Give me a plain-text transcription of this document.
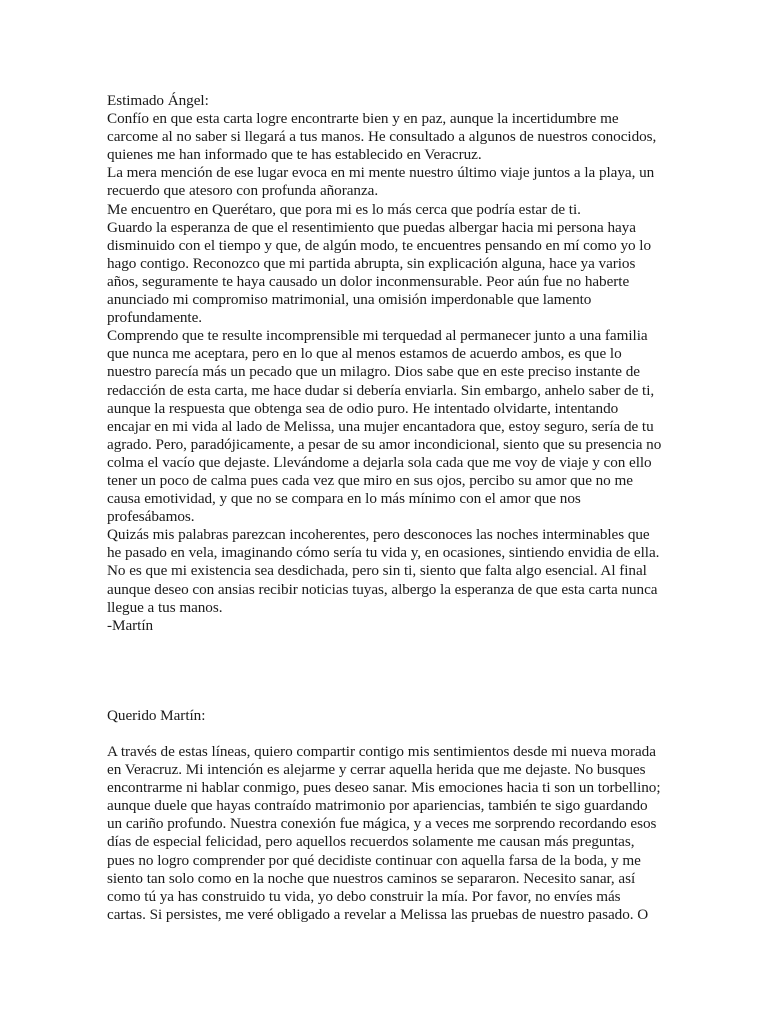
Estimado Ángel:
Confío en que esta carta logre encontrarte bien y en paz, aunque la incertidumbre me
carcome al no saber si llegará a tus manos. He consultado a algunos de nuestros conocidos,
quienes me han informado que te has establecido en Veracruz.
La mera mención de ese lugar evoca en mi mente nuestro último viaje juntos a la playa, un
recuerdo que atesoro con profunda añoranza.
Me encuentro en Querétaro, que pora mi es lo más cerca que podría estar de ti.
Guardo la esperanza de que el resentimiento que puedas albergar hacia mi persona haya
disminuido con el tiempo y que, de algún modo, te encuentres pensando en mí como yo lo
hago contigo. Reconozco que mi partida abrupta, sin explicación alguna, hace ya varios
años, seguramente te haya causado un dolor inconmensurable. Peor aún fue no haberte
anunciado mi compromiso matrimonial, una omisión imperdonable que lamento
profundamente.
Comprendo que te resulte incomprensible mi terquedad al permanecer junto a una familia
que nunca me aceptara, pero en lo que al menos estamos de acuerdo ambos, es que lo
nuestro parecía más un pecado que un milagro. Dios sabe que en este preciso instante de
redacción de esta carta, me hace dudar si debería enviarla. Sin embargo, anhelo saber de ti,
aunque la respuesta que obtenga sea de odio puro. He intentado olvidarte, intentando
encajar en mi vida al lado de Melissa, una mujer encantadora que, estoy seguro, sería de tu
agrado. Pero, paradójicamente, a pesar de su amor incondicional, siento que su presencia no
colma el vacío que dejaste. Llevándome a dejarla sola cada que me voy de viaje y con ello
tener un poco de calma pues cada vez que miro en sus ojos, percibo su amor que no me
causa emotividad, y que no se compara en lo más mínimo con el amor que nos
profesábamos.
Quizás mis palabras parezcan incoherentes, pero desconoces las noches interminables que
he pasado en vela, imaginando cómo sería tu vida y, en ocasiones, sintiendo envidia de ella.
No es que mi existencia sea desdichada, pero sin ti, siento que falta algo esencial. Al final
aunque deseo con ansias recibir noticias tuyas, albergo la esperanza de que esta carta nunca
llegue a tus manos.
-Martín
Querido Martín:
A través de estas líneas, quiero compartir contigo mis sentimientos desde mi nueva morada
en Veracruz. Mi intención es alejarme y cerrar aquella herida que me dejaste. No busques
encontrarme ni hablar conmigo, pues deseo sanar. Mis emociones hacia ti son un torbellino;
aunque duele que hayas contraído matrimonio por apariencias, también te sigo guardando
un cariño profundo. Nuestra conexión fue mágica, y a veces me sorprendo recordando esos
días de especial felicidad, pero aquellos recuerdos solamente me causan más preguntas,
pues no logro comprender por qué decidiste continuar con aquella farsa de la boda, y me
siento tan solo como en la noche que nuestros caminos se separaron. Necesito sanar, así
como tú ya has construido tu vida, yo debo construir la mía. Por favor, no envíes más
cartas. Si persistes, me veré obligado a revelar a Melissa las pruebas de nuestro pasado. O
